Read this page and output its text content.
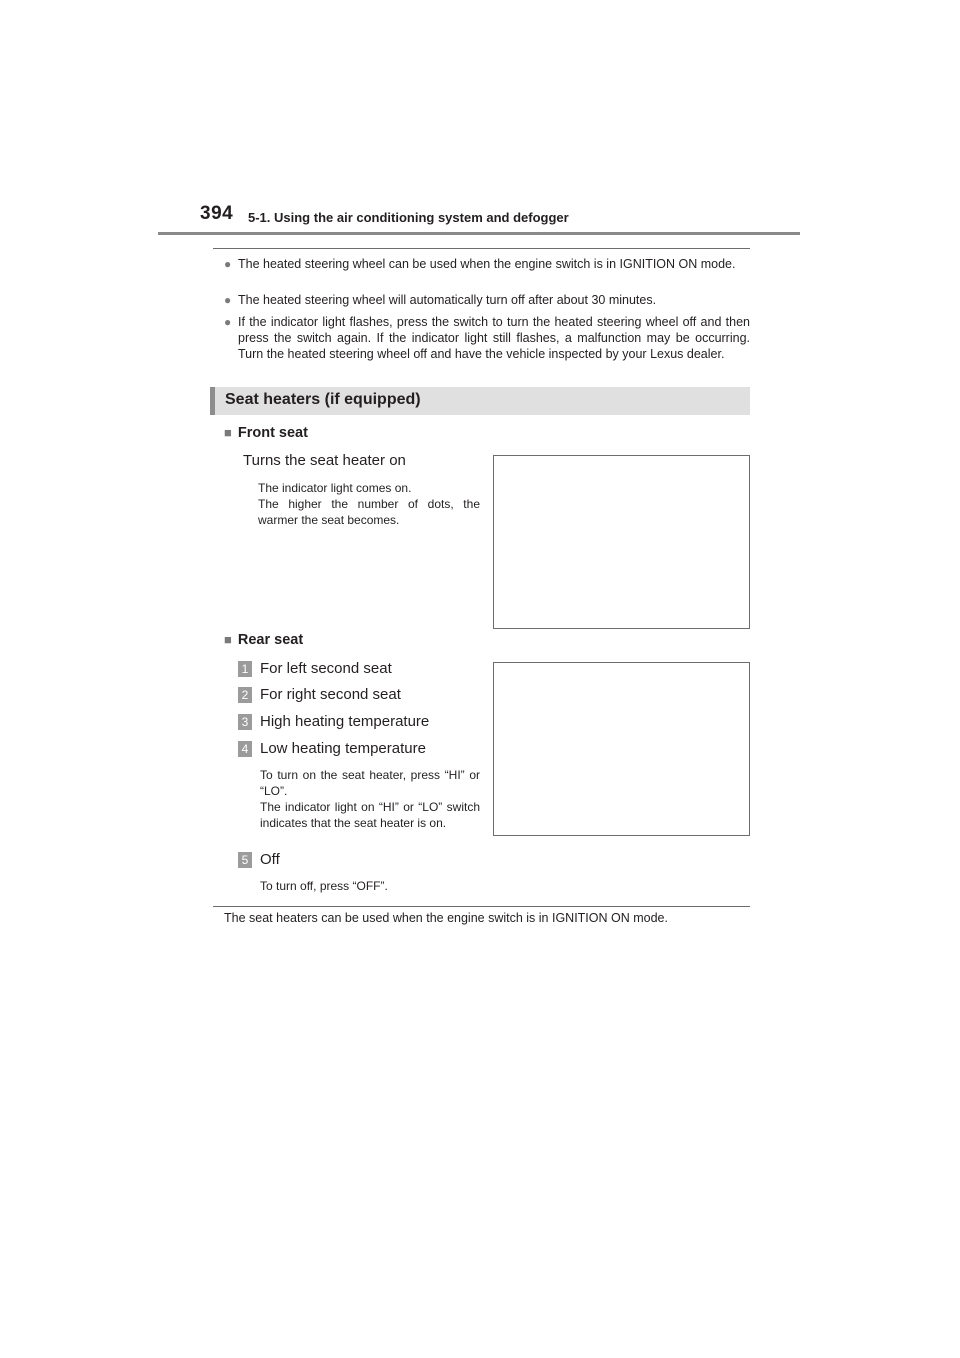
394 5-1. Using the air conditioning system and defogger
● The heated steering wheel can be used when the engine switch is in IGNITION ON mode.
● The heated steering wheel will automatically turn off after about 30 minutes.
● If the indicator light flashes, press the switch to turn the heated steering wheel off and then press the switch again. If the indicator light still flashes, a malfunction may be occurring. Turn the heated steering wheel off and have the vehicle inspected by your Lexus dealer.
Seat heaters (if equipped)
■ Front seat
Turns the seat heater on
The indicator light comes on.
The higher the number of dots, the warmer the seat becomes.
■ Rear seat
1 For left second seat
2 For right second seat
3 High heating temperature
4 Low heating temperature
To turn on the seat heater, press “HI” or “LO”.
The indicator light on “HI” or “LO” switch indicates that the seat heater is on.
5 Off
To turn off, press “OFF”.
The seat heaters can be used when the engine switch is in IGNITION ON mode.
